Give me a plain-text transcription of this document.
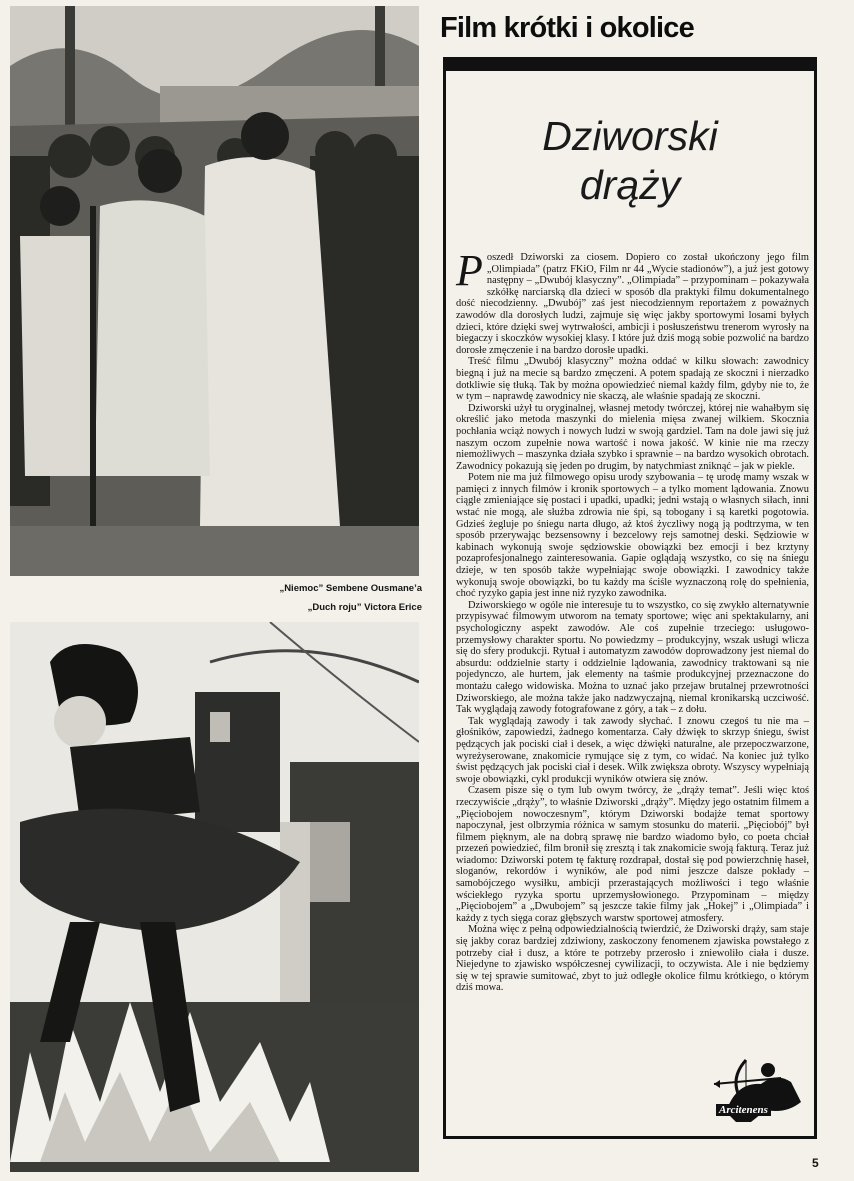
„Niemoc” Sembene Ousmane’a
„Duch roju” Victora Erice
Film krótki i okolice
Dziworski
drąży

Poszedł Dziworski za ciosem. Dopiero co został ukończony jego film „Olimpiada” (patrz FKiO, Film nr 44 „Wycie stadionów”), a już jest gotowy następny – „Dwubój klasyczny”. „Olimpiada” – przypominam – pokazywała szkółkę narciarską dla dzieci w sposób dla praktyki filmu dokumentalnego dość niecodzienny. „Dwubój” zaś jest niecodziennym reportażem z poważnych zawodów dla dorosłych ludzi, zajmuje się więc jakby sportowymi losami byłych dzieci, które dzięki swej wytrwałości, ambicji i posłuszeństwu trenerom wyrosły na biegaczy i skoczków wysokiej klasy. I które już dziś mogą sobie pozwolić na bardzo dorosłe zmęczenie i na bardzo dorosłe upadki.

Treść filmu „Dwubój klasyczny” można oddać w kilku słowach: zawodnicy biegną i już na mecie są bardzo zmęczeni. A potem spadają ze skoczni i nierzadko dotkliwie się tłuką. Tak by można opowiedzieć niemal każdy film, gdyby nie to, że w tym – naprawdę zawodnicy nie skaczą, ale właśnie spadają ze skoczni.

Dziworski użył tu oryginalnej, własnej metody twórczej, której nie wahałbym się określić jako metoda maszynki do mielenia mięsa zwanej wilkiem. Skocznia pochłania wciąż nowych i nowych ludzi w swoją gardziel. Tam na dole jawi się już naszym oczom zupełnie nowa wartość i nowa jakość. W kinie nie ma rzeczy niemożliwych – maszynka działa szybko i sprawnie – na bardzo wysokich obrotach. Zawodnicy pokazują się jeden po drugim, by natychmiast zniknąć – jak w piekle.

Potem nie ma już filmowego opisu urody szybowania – tę urodę mamy wszak w pamięci z innych filmów i kronik sportowych – a tylko moment lądowania. Znowu ciągle zmieniające się postaci i upadki, upadki; jedni wstają o własnych siłach, inni wstać nie mogą, ale służba zdrowia nie śpi, są tobogany i są karetki pogotowia. Gdzieś żegluje po śniegu narta długo, aż ktoś życzliwy nogą ją podtrzyma, w ten sposób przerywając bezsensowny i bezcelowy rejs samotnej deski. Sędziowie w kabinach wykonują swoje sędziowskie obowiązki bez emocji i bez krztyny pozaprofesjonalnego zainteresowania. Gapie oglądają wszystko, co się na śniegu dzieje, w ten sposób także wypełniając swoje obowiązki. I zawodnicy także wykonują swoje obowiązki, bo tu każdy ma ściśle wyznaczoną rolę do spełnienia, choć ryzyko gapia jest inne niż ryzyko zawodnika.

Dziworskiego w ogóle nie interesuje tu to wszystko, co się zwykło alternatywnie przypisywać filmowym utworom na tematy sportowe; więc ani spektakularny, ani psychologiczny aspekt zawodów. Ale coś zupełnie trzeciego: usługowo-przemysłowy charakter sportu. No powiedzmy – produkcyjny, wszak usługi wlicza się do sfery produkcji. Rytuał i automatyzm zawodów doprowadzony jest niemal do absurdu: oddzielnie starty i oddzielnie lądowania, zawodnicy traktowani są nie pojedynczo, ale hurtem, jak elementy na taśmie produkcyjnej przeznaczone do montażu całego widowiska. Można to uznać jako przejaw brutalnej przewrotności Dziworskiego, ale można także jako nadzwyczajną, niemal kronikarską uczciwość. Tak wyglądają zawody fotografowane z góry, a tak – z dołu.

Tak wyglądają zawody i tak zawody słychać. I znowu czegoś tu nie ma – głośników, zapowiedzi, żadnego komentarza. Cały dźwięk to skrzyp śniegu, świst pędzących jak pociski ciał i desek, a więc dźwięki naturalne, ale przepoczwarzone, wyreżyserowane, znakomicie rymujące się z tym, co widać. Na koniec już tylko świst pędzących jak pociski ciał i desek. Wilk zwiększa obroty. Wszyscy wypełniają swoje obowiązki, cykl produkcji wyników otwiera się znów.

Czasem pisze się o tym lub owym twórcy, że „drąży temat”. Jeśli więc ktoś rzeczywiście „drąży”, to właśnie Dziworski „drąży”. Między jego ostatnim filmem a „Pięciobojem nowoczesnym”, którym Dziworski bodajże temat sportowy napoczynał, jest olbrzymia różnica w samym stosunku do materii. „Pięciobój” był filmem pięknym, ale na dobrą sprawę nie bardzo wiadomo było, co poeta chciał przezeń powiedzieć, film bronił się zresztą i tak znakomicie swoją fakturą. Teraz już wiadomo: Dziworski potem tę fakturę rozdrapał, dostał się pod powierzchnię haseł, sloganów, rekordów i wyników, ale pod nimi jeszcze dalsze pokłady – samobójczego wysiłku, ambicji przerastających możliwości i tego właśnie wściekłego ryzyka sportu uprzemysłowionego. Przypominam – między „Pięciobojem” a „Dwubojem” są jeszcze takie filmy jak „Hokej” i „Olimpiada” i każdy z tych sięga coraz głębszych warstw sportowej atmosfery.

Można więc z pełną odpowiedzialnością twierdzić, że Dziworski drąży, sam staje się jakby coraz bardziej zdziwiony, zaskoczony fenomenem zjawiska powstałego z potrzeby ciał i dusz, a które te potrzeby przerosło i zniewoliło ciała i dusze. Niejedyne to zjawisko współczesnej cywilizacji, to oczywista. Ale i nie będziemy się w tej sprawie sumitować, zbyt to już odległe okolice filmu krótkiego, o którym dziś mowa.

Arcitenens
5
